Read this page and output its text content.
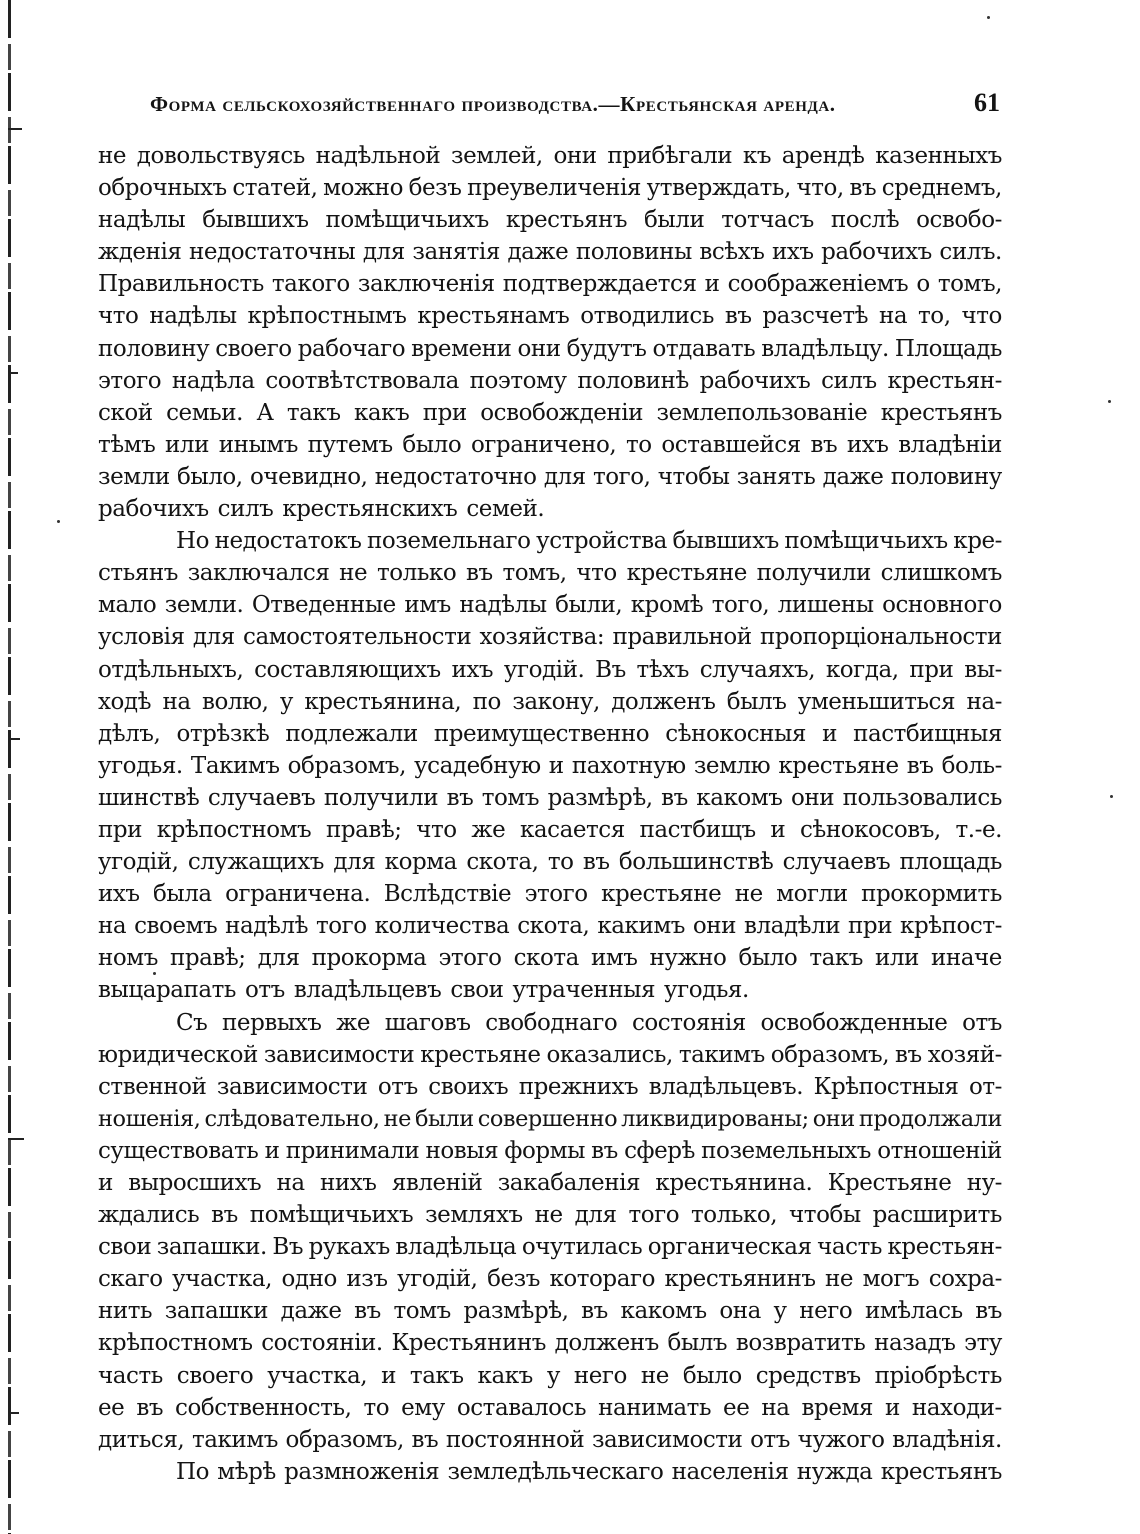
Форма сельскохозяйственнаго производства.—Крестьянская аренда.	61
не довольствуясь надѣльной землей, они прибѣгали къ арендѣ казенныхъ
оброчныхъ статей, можно безъ преувеличенія утверждать, что, въ среднемъ,
надѣлы бывшихъ помѣщичьихъ крестьянъ были тотчасъ послѣ освобо-
жденія недостаточны для занятія даже половины всѣхъ ихъ рабочихъ силъ.
Правильность такого заключенія подтверждается и соображеніемъ о томъ,
что надѣлы крѣпостнымъ крестьянамъ отводились въ разсчетѣ на то, что
половину своего рабочаго времени они будутъ отдавать владѣльцу. Площадь
этого надѣла соотвѣтствовала поэтому половинѣ рабочихъ силъ крестьян-
ской семьи. А такъ какъ при освобожденіи землепользованіе крестьянъ
тѣмъ или инымъ путемъ было ограничено, то оставшейся въ ихъ владѣніи
земли было, очевидно, недостаточно для того, чтобы занять даже половину
рабочихъ силъ крестьянскихъ семей.
Но недостатокъ поземельнаго устройства бывшихъ помѣщичьихъ кре-
стьянъ заключался не только въ томъ, что крестьяне получили слишкомъ
мало земли. Отведенные имъ надѣлы были, кромѣ того, лишены основного
условія для самостоятельности хозяйства: правильной пропорціональности
отдѣльныхъ, составляющихъ ихъ угодій. Въ тѣхъ случаяхъ, когда, при вы-
ходѣ на волю, у крестьянина, по закону, долженъ былъ уменьшиться на-
дѣлъ, отрѣзкѣ подлежали преимущественно сѣнокосныя и пастбищныя
угодья. Такимъ образомъ, усадебную и пахотную землю крестьяне въ боль-
шинствѣ случаевъ получили въ томъ размѣрѣ, въ какомъ они пользовались
при крѣпостномъ правѣ; что же касается пастбищъ и сѣнокосовъ, т.-е.
угодій, служащихъ для корма скота, то въ большинствѣ случаевъ площадь
ихъ была ограничена. Вслѣдствіе этого крестьяне не могли прокормить
на своемъ надѣлѣ того количества скота, какимъ они владѣли при крѣпост-
номъ правѣ; для прокорма этого скота имъ нужно было такъ или иначе
выцарапать отъ владѣльцевъ свои утраченныя угодья.
Съ первыхъ же шаговъ свободнаго состоянія освобожденные отъ
юридической зависимости крестьяне оказались, такимъ образомъ, въ хозяй-
ственной зависимости отъ своихъ прежнихъ владѣльцевъ. Крѣпостныя от-
ношенія, слѣдовательно, не были совершенно ликвидированы; они продолжали
существовать и принимали новыя формы въ сферѣ поземельныхъ отношеній
и выросшихъ на нихъ явленій закабаленія крестьянина. Крестьяне ну-
ждались въ помѣщичьихъ земляхъ не для того только, чтобы расширить
свои запашки. Въ рукахъ владѣльца очутилась органическая часть крестьян-
скаго участка, одно изъ угодій, безъ котораго крестьянинъ не могъ сохра-
нить запашки даже въ томъ размѣрѣ, въ какомъ она у него имѣлась въ
крѣпостномъ состояніи. Крестьянинъ долженъ былъ возвратить назадъ эту
часть своего участка, и такъ какъ у него не было средствъ пріобрѣсть
ее въ собственность, то ему оставалось нанимать ее на время и находи-
диться, такимъ образомъ, въ постоянной зависимости отъ чужого владѣнія.
По мѣрѣ размноженія земледѣльческаго населенія нужда крестьянъ
